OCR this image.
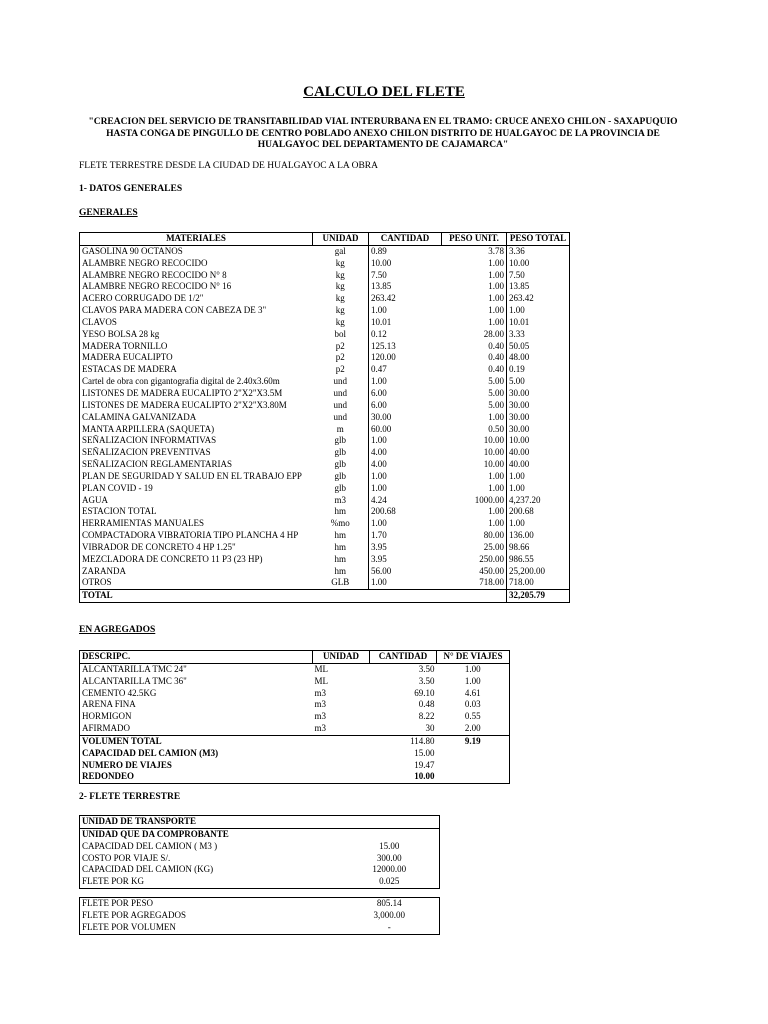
CALCULO DEL FLETE
"CREACION DEL SERVICIO DE TRANSITABILIDAD VIAL INTERURBANA EN EL TRAMO: CRUCE ANEXO CHILON - SAXAPUQUIO HASTA CONGA DE PINGULLO DE CENTRO POBLADO ANEXO CHILON DISTRITO DE HUALGAYOC DE LA PROVINCIA DE HUALGAYOC DEL DEPARTAMENTO DE CAJAMARCA"
FLETE TERRESTRE DESDE LA CIUDAD DE HUALGAYOC A LA OBRA
1- DATOS GENERALES
GENERALES
MATERIALES	UNIDAD	CANTIDAD	PESO UNIT.	PESO TOTAL
GASOLINA 90 OCTANOS	gal	0.89	3.78	3.36
ALAMBRE NEGRO RECOCIDO	kg	10.00	1.00	10.00
ALAMBRE NEGRO RECOCIDO N° 8	kg	7.50	1.00	7.50
ALAMBRE NEGRO RECOCIDO N° 16	kg	13.85	1.00	13.85
ACERO CORRUGADO DE 1/2"	kg	263.42	1.00	263.42
CLAVOS PARA MADERA CON CABEZA DE 3"	kg	1.00	1.00	1.00
CLAVOS	kg	10.01	1.00	10.01
YESO BOLSA 28 kg	bol	0.12	28.00	3.33
MADERA TORNILLO	p2	125.13	0.40	50.05
MADERA EUCALIPTO	p2	120.00	0.40	48.00
ESTACAS DE MADERA	p2	0.47	0.40	0.19
Cartel de obra con gigantografia digital de 2.40x3.60m	und	1.00	5.00	5.00
LISTONES DE MADERA EUCALIPTO 2"X2"X3.5M	und	6.00	5.00	30.00
LISTONES DE MADERA EUCALIPTO 2"X2"X3.80M	und	6.00	5.00	30.00
CALAMINA GALVANIZADA	und	30.00	1.00	30.00
MANTA ARPILLERA (SAQUETA)	m	60.00	0.50	30.00
SEÑALIZACION INFORMATIVAS	glb	1.00	10.00	10.00
SEÑALIZACION PREVENTIVAS	glb	4.00	10.00	40.00
SEÑALIZACION REGLAMENTARIAS	glb	4.00	10.00	40.00
PLAN DE SEGURIDAD Y SALUD EN EL TRABAJO EPP	glb	1.00	1.00	1.00
PLAN COVID - 19	glb	1.00	1.00	1.00
AGUA	m3	4.24	1000.00	4,237.20
ESTACION TOTAL	hm	200.68	1.00	200.68
HERRAMIENTAS MANUALES	%mo	1.00	1.00	1.00
COMPACTADORA VIBRATORIA TIPO PLANCHA 4 HP	hm	1.70	80.00	136.00
VIBRADOR DE CONCRETO 4 HP 1.25"	hm	3.95	25.00	98.66
MEZCLADORA DE CONCRETO 11 P3 (23 HP)	hm	3.95	250.00	986.55
ZARANDA	hm	56.00	450.00	25,200.00
OTROS	GLB	1.00	718.00	718.00
TOTAL				32,205.79
EN AGREGADOS
DESCRIPC.	UNIDAD	CANTIDAD	N° DE VIAJES
ALCANTARILLA TMC 24"	ML	3.50	1.00
ALCANTARILLA TMC 36"	ML	3.50	1.00
CEMENTO 42.5KG	m3	69.10	4.61
ARENA FINA	m3	0.48	0.03
HORMIGON	m3	8.22	0.55
AFIRMADO	m3	30	2.00
VOLUMEN TOTAL		114.80	9.19
CAPACIDAD DEL CAMION (M3)		15.00	
NUMERO DE VIAJES		19.47	
REDONDEO		10.00	
2- FLETE TERRESTRE
UNIDAD DE TRANSPORTE	
UNIDAD QUE DA COMPROBANTE	
CAPACIDAD DEL CAMION ( M3 )	15.00
COSTO POR VIAJE S/.	300.00
CAPACIDAD DEL CAMION (KG)	12000.00
FLETE POR KG	0.025
FLETE POR PESO	805.14
FLETE POR AGREGADOS	3,000.00
FLETE POR VOLUMEN	-
